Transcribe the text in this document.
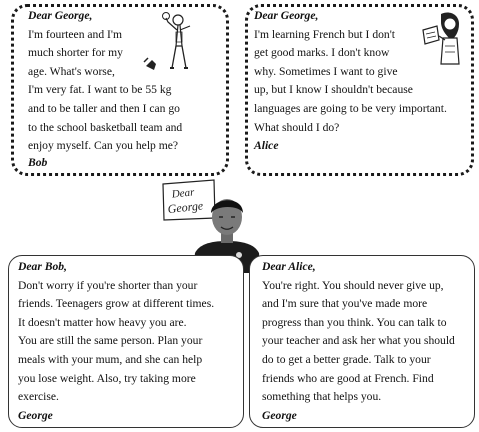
Dear George,
I'm fourteen and I'm
much shorter for my
age. What's worse,
I'm very fat. I want to be 55 kg
and to be taller and then I can go
to the school basketball team and
enjoy myself. Can you help me?
Bob
Dear George,
I'm learning French but I don't
get good marks. I don't know
why. Sometimes I want to give
up, but I know I shouldn't because
languages are going to be very important.
What should I do?
Alice
Dear
George
Dear Bob,
Don't worry if you're shorter than your
friends. Teenagers grow at different times.
It doesn't matter how heavy you are.
You are still the same person. Plan your
meals with your mum, and she can help
you lose weight. Also, try taking more
exercise.
George
Dear Alice,
You're right. You should never give up,
and I'm sure that you've made more
progress than you think. You can talk to
your teacher and ask her what you should
do to get a better grade. Talk to your
friends who are good at French. Find
something that helps you.
George
